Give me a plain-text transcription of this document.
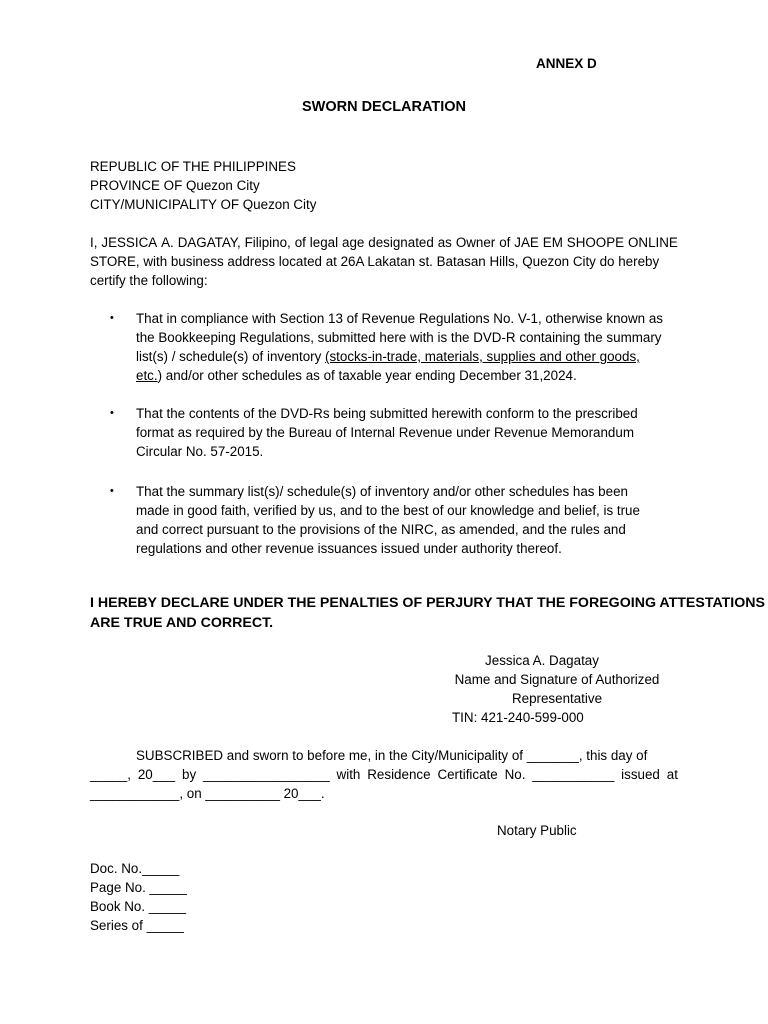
ANNEX D
SWORN DECLARATION
REPUBLIC OF THE PHILIPPINES
PROVINCE OF Quezon City
CITY/MUNICIPALITY OF Quezon City
I, JESSICA A. DAGATAY, Filipino, of legal age designated as Owner of JAE EM SHOOPE ONLINE
STORE, with business address located at 26A Lakatan st. Batasan Hills, Quezon City do hereby
certify the following:
• That in compliance with Section 13 of Revenue Regulations No. V-1, otherwise known as
the Bookkeeping Regulations, submitted here with is the DVD-R containing the summary
list(s) / schedule(s) of inventory (stocks-in-trade, materials, supplies and other goods,
etc.) and/or other schedules as of taxable year ending December 31,2024.
• That the contents of the DVD-Rs being submitted herewith conform to the prescribed
format as required by the Bureau of Internal Revenue under Revenue Memorandum
Circular No. 57-2015.
• That the summary list(s)/ schedule(s) of inventory and/or other schedules has been
made in good faith, verified by us, and to the best of our knowledge and belief, is true
and correct pursuant to the provisions of the NIRC, as amended, and the rules and
regulations and other revenue issuances issued under authority thereof.
I HEREBY DECLARE UNDER THE PENALTIES OF PERJURY THAT THE FOREGOING ATTESTATIONS
ARE TRUE AND CORRECT.
Jessica A. Dagatay
Name and Signature of Authorized
Representative
TIN: 421-240-599-000
SUBSCRIBED and sworn to before me, in the City/Municipality of _______, this day of
_____, 20___ by _________________ with Residence Certificate No. ___________ issued at
____________, on __________ 20___.
Notary Public
Doc. No._____
Page No. _____
Book No. _____
Series of _____
